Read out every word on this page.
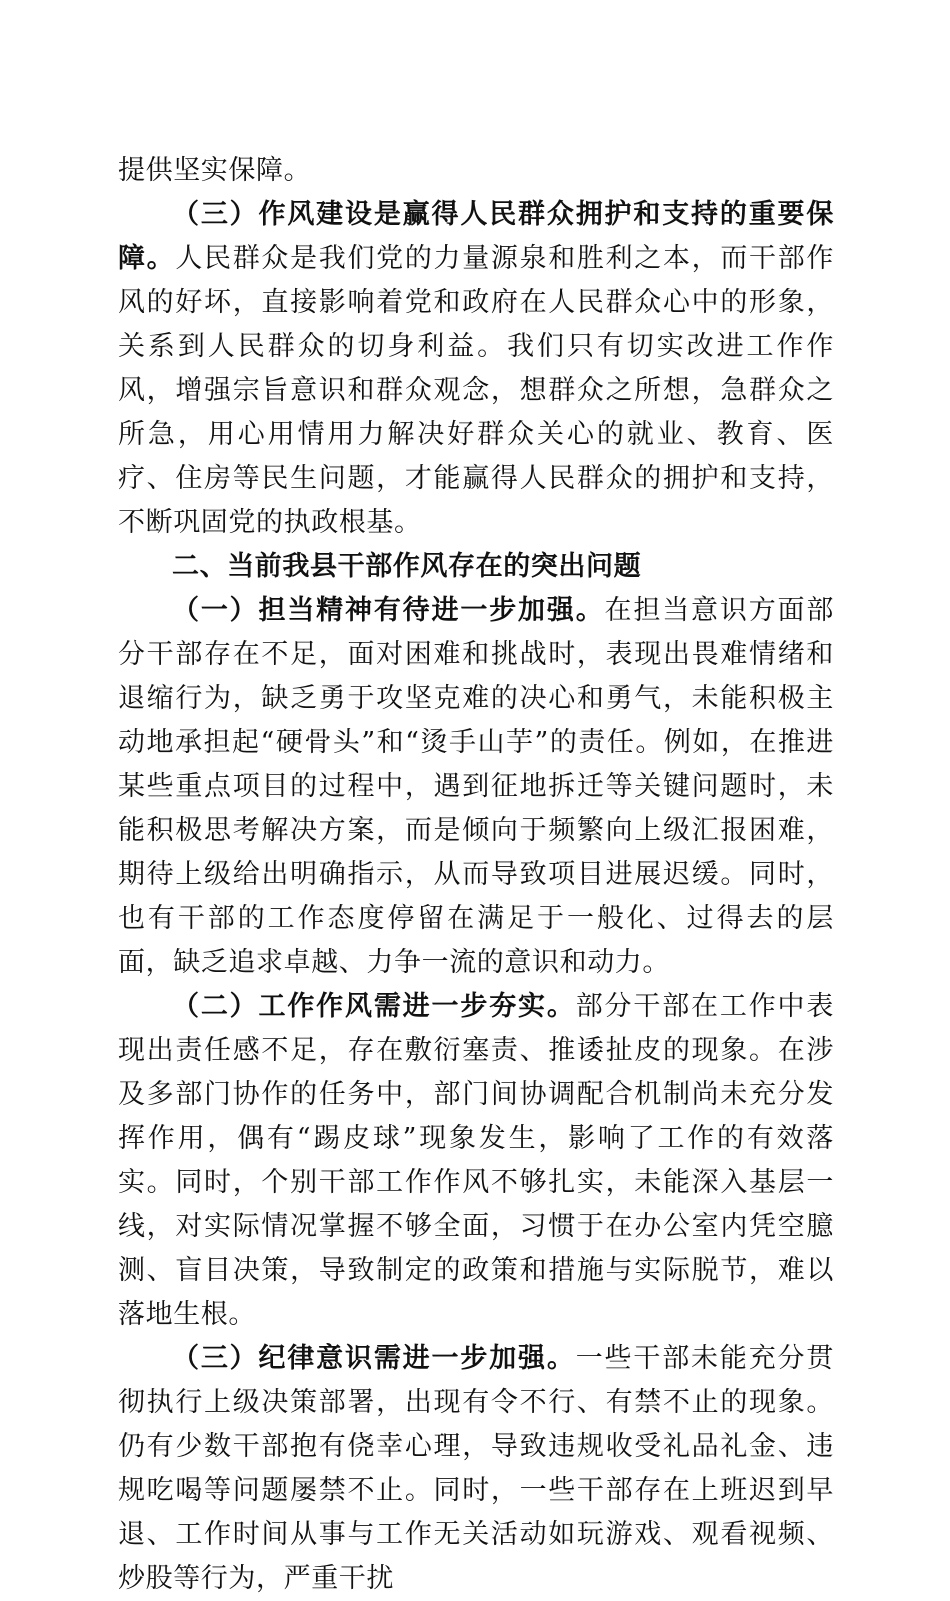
提供坚实保障。

（三）作风建设是赢得人民群众拥护和支持的重要保障。人民群众是我们党的力量源泉和胜利之本，而干部作风的好坏，直接影响着党和政府在人民群众心中的形象，关系到人民群众的切身利益。我们只有切实改进工作作风，增强宗旨意识和群众观念，想群众之所想，急群众之所急，用心用情用力解决好群众关心的就业、教育、医疗、住房等民生问题，才能赢得人民群众的拥护和支持，不断巩固党的执政根基。

二、当前我县干部作风存在的突出问题

（一）担当精神有待进一步加强。在担当意识方面部分干部存在不足，面对困难和挑战时，表现出畏难情绪和退缩行为，缺乏勇于攻坚克难的决心和勇气，未能积极主动地承担起“硬骨头”和“烫手山芋”的责任。例如，在推进某些重点项目的过程中，遇到征地拆迁等关键问题时，未能积极思考解决方案，而是倾向于频繁向上级汇报困难，期待上级给出明确指示，从而导致项目进展迟缓。同时，也有干部的工作态度停留在满足于一般化、过得去的层面，缺乏追求卓越、力争一流的意识和动力。

（二）工作作风需进一步夯实。部分干部在工作中表现出责任感不足，存在敷衍塞责、推诿扯皮的现象。在涉及多部门协作的任务中，部门间协调配合机制尚未充分发挥作用，偶有“踢皮球”现象发生，影响了工作的有效落实。同时，个别干部工作作风不够扎实，未能深入基层一线，对实际情况掌握不够全面，习惯于在办公室内凭空臆测、盲目决策，导致制定的政策和措施与实际脱节，难以落地生根。

（三）纪律意识需进一步加强。一些干部未能充分贯彻执行上级决策部署，出现有令不行、有禁不止的现象。仍有少数干部抱有侥幸心理，导致违规收受礼品礼金、违规吃喝等问题屡禁不止。同时，一些干部存在上班迟到早退、工作时间从事与工作无关活动如玩游戏、观看视频、炒股等行为，严重干扰
